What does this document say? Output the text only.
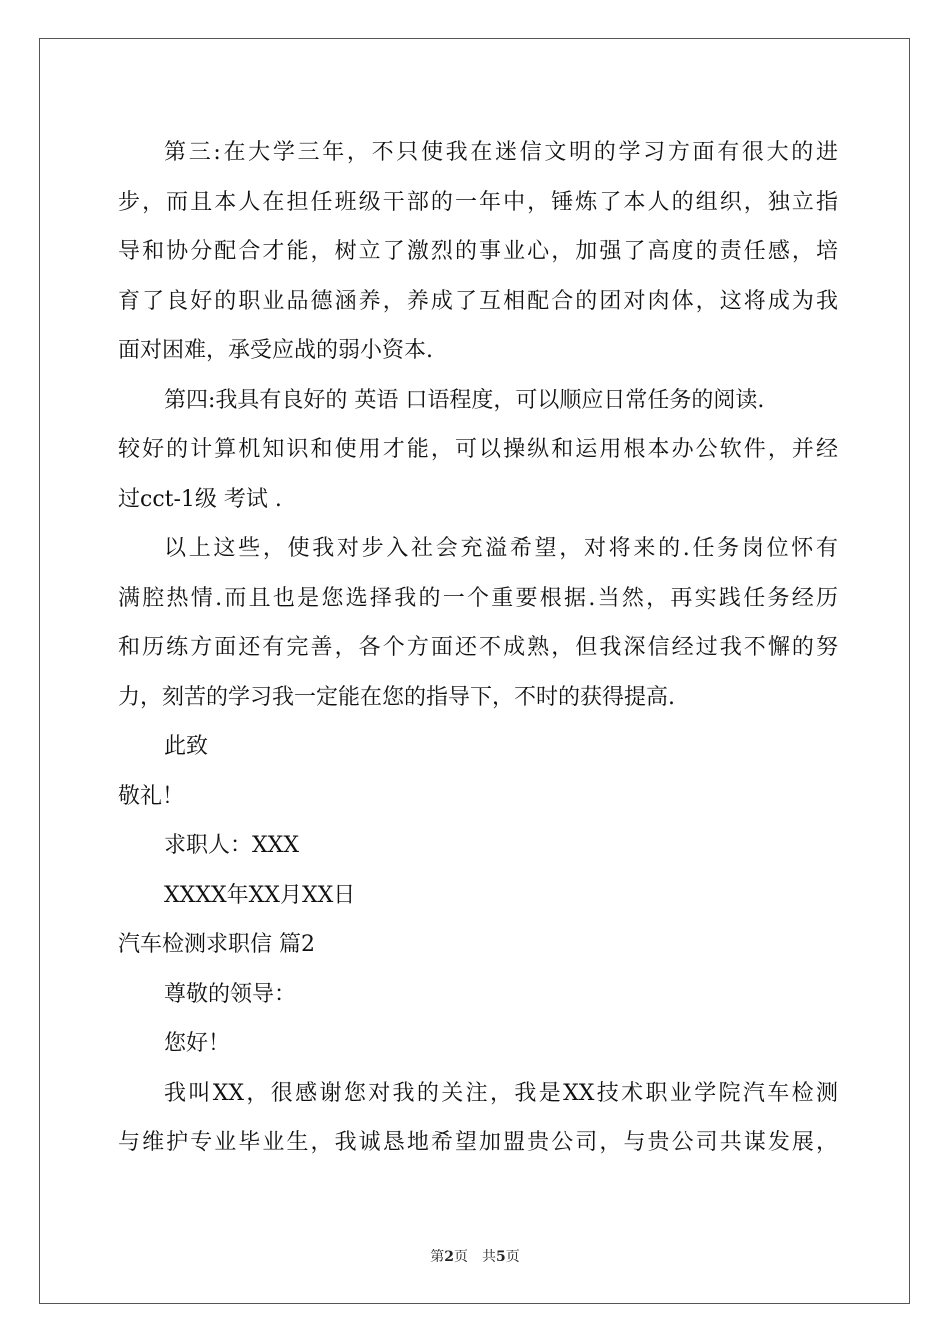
第三:在大学三年，不只使我在迷信文明的学习方面有很大的进
步，而且本人在担任班级干部的一年中，锤炼了本人的组织，独立指
导和协分配合才能，树立了激烈的事业心，加强了高度的责任感，培
育了良好的职业品德涵养，养成了互相配合的团对肉体，这将成为我
面对困难，承受应战的弱小资本.
第四:我具有良好的 英语 口语程度，可以顺应日常任务的阅读.
较好的计算机知识和使用才能，可以操纵和运用根本办公软件，并经
过cct-1级 考试 .
以上这些，使我对步入社会充溢希望，对将来的.任务岗位怀有
满腔热情.而且也是您选择我的一个重要根据.当然，再实践任务经历
和历练方面还有完善，各个方面还不成熟，但我深信经过我不懈的努
力，刻苦的学习我一定能在您的指导下，不时的获得提高.
此致
敬礼！
求职人：XXX
XXXX年XX月XX日
汽车检测求职信 篇2
尊敬的领导：
您好！
我叫XX，很感谢您对我的关注，我是XX技术职业学院汽车检测
与维护专业毕业生，我诚恳地希望加盟贵公司，与贵公司共谋发展，
第2页 共5页
